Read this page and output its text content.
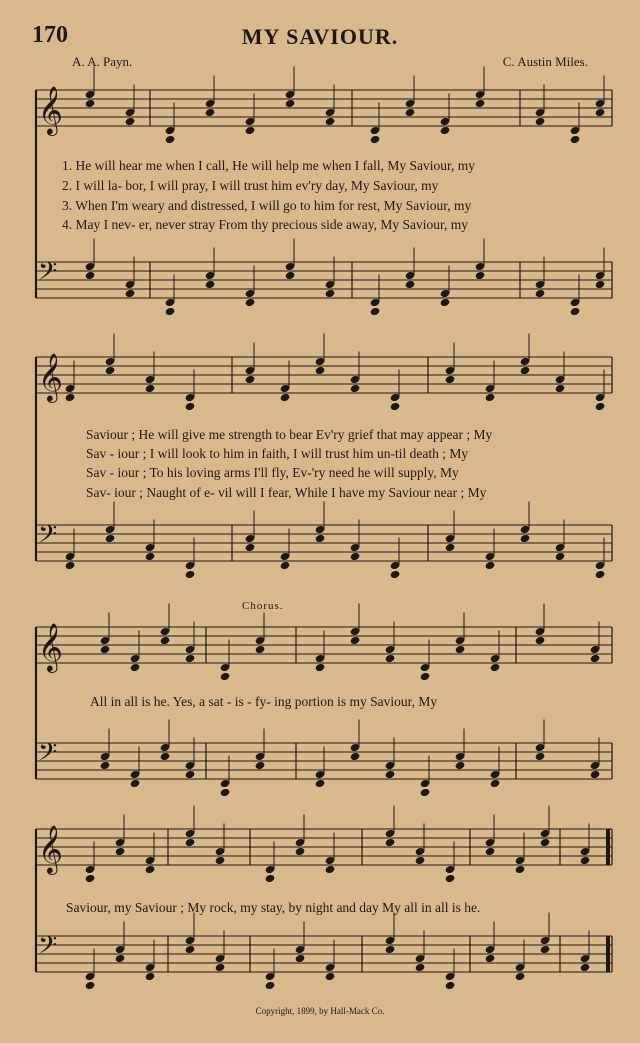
170	MY SAVIOUR.
A. A. Payn.	C. Austin Miles.
𝄞
𝄢
𝄞
𝄢
𝄞
𝄢
𝄞
𝄢
1. He will hear me when I call, He will help me when I fall, My Saviour, my
2. I will la- bor, I will pray, I will trust him ev'ry day, My Saviour, my
3. When I'm weary and distressed, I will go to him for rest, My Saviour, my
4. May I nev- er, never stray From thy precious side away, My Saviour, my
Saviour ; He will give me strength to bear Ev'ry grief that may appear ; My
Sav - iour ; I will look to him in faith, I will trust him un-til death ; My
Sav - iour ; To his loving arms I'll fly, Ev-'ry need he will supply, My
Sav- iour ; Naught of e- vil will I fear, While I have my Saviour near ; My
Chorus.
All in all is he. Yes, a sat - is - fy- ing portion is my Saviour, My
Saviour, my Saviour ; My rock, my stay, by night and day My all in all is he.
Copyright, 1899, by Hall-Mack Co.
